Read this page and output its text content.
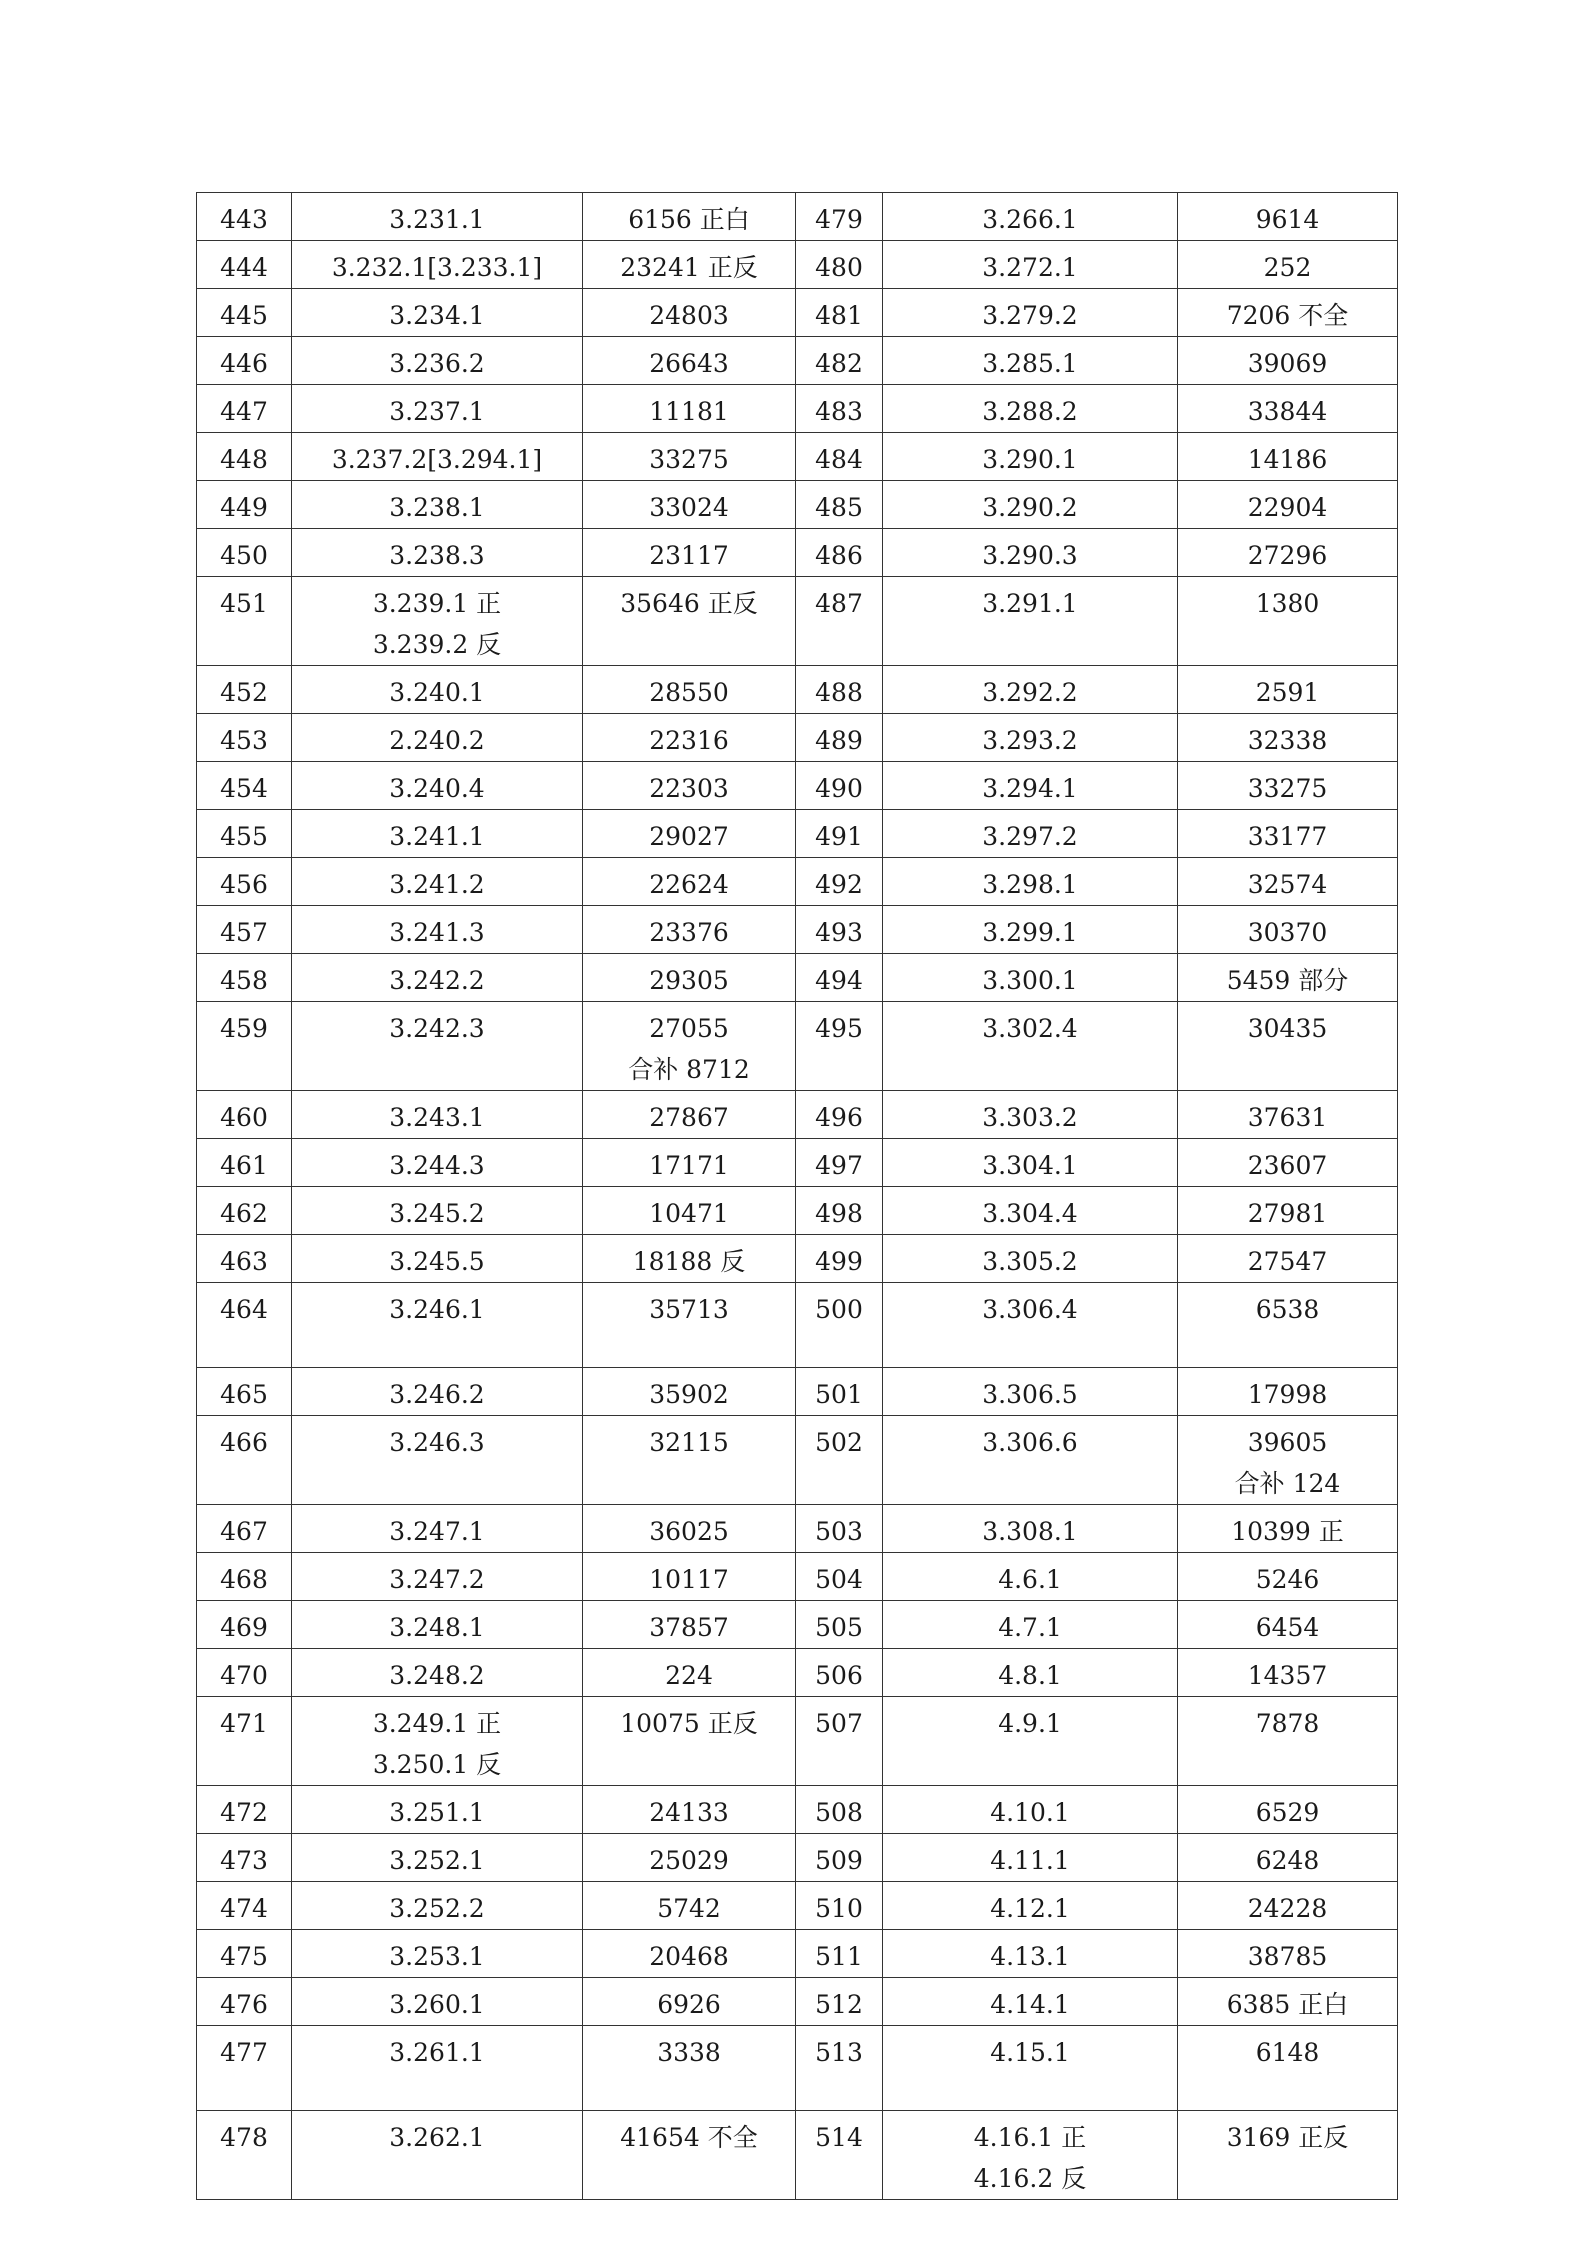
443	3.231.1	6156 正白	479	3.266.1	9614

444	3.232.1[3.233.1]	23241 正反	480	3.272.1	252

445	3.234.1	24803	481	3.279.2	7206 不全

446	3.236.2	26643	482	3.285.1	39069

447	3.237.1	11181	483	3.288.2	33844

448	3.237.2[3.294.1]	33275	484	3.290.1	14186

449	3.238.1	33024	485	3.290.2	22904

450	3.238.3	23117	486	3.290.3	27296

451	3.239.1 正
3.239.2 反	35646 正反	487	3.291.1	1380

452	3.240.1	28550	488	3.292.2	2591

453	2.240.2	22316	489	3.293.2	32338

454	3.240.4	22303	490	3.294.1	33275

455	3.241.1	29027	491	3.297.2	33177

456	3.241.2	22624	492	3.298.1	32574

457	3.241.3	23376	493	3.299.1	30370

458	3.242.2	29305	494	3.300.1	5459 部分

459	3.242.3	27055
合补 8712	495	3.302.4	30435

460	3.243.1	27867	496	3.303.2	37631

461	3.244.3	17171	497	3.304.1	23607

462	3.245.2	10471	498	3.304.4	27981

463	3.245.5	18188 反	499	3.305.2	27547

464	3.246.1	35713	500	3.306.4	6538

465	3.246.2	35902	501	3.306.5	17998

466	3.246.3	32115	502	3.306.6	39605
合补 124

467	3.247.1	36025	503	3.308.1	10399 正

468	3.247.2	10117	504	4.6.1	5246

469	3.248.1	37857	505	4.7.1	6454

470	3.248.2	224	506	4.8.1	14357

471	3.249.1 正
3.250.1 反	10075 正反	507	4.9.1	7878

472	3.251.1	24133	508	4.10.1	6529

473	3.252.1	25029	509	4.11.1	6248

474	3.252.2	5742	510	4.12.1	24228

475	3.253.1	20468	511	4.13.1	38785

476	3.260.1	6926	512	4.14.1	6385 正白

477	3.261.1	3338	513	4.15.1	6148

478	3.262.1	41654 不全	514	4.16.1 正
4.16.2 反	3169 正反
